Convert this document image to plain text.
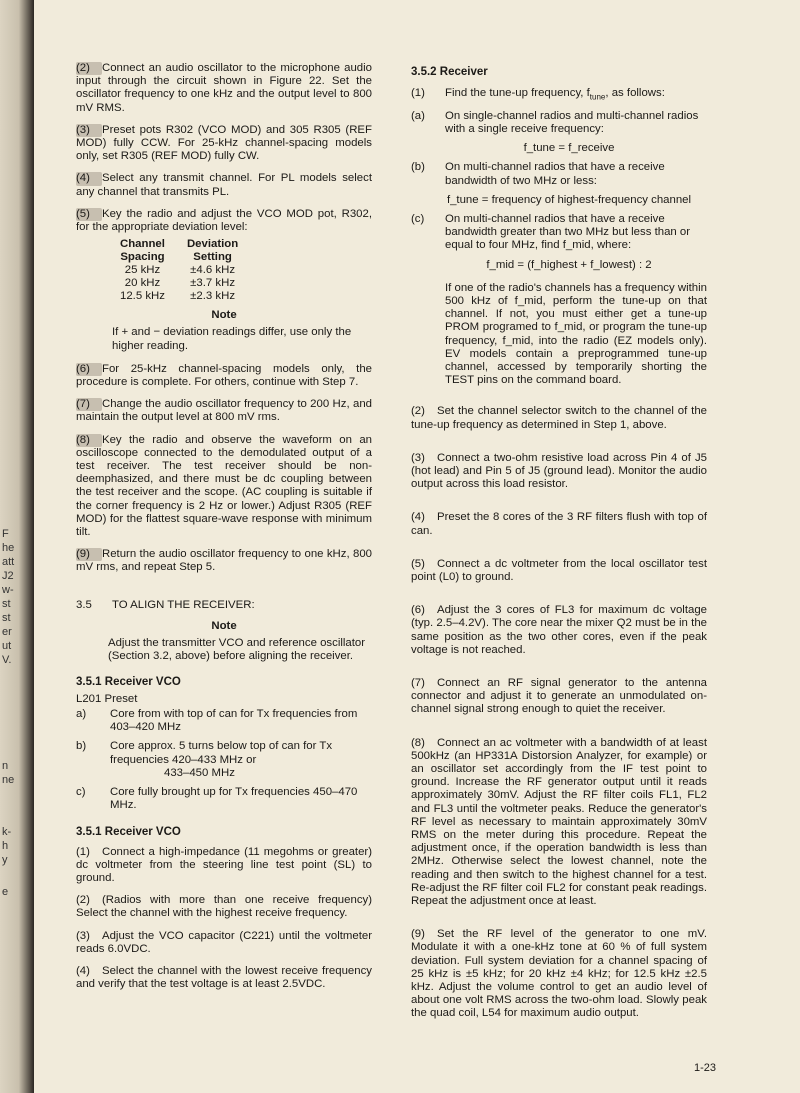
F
he
att
J2
w-
st
st
er
ut
V.
n
ne
k-
h
y
e

(2) Connect an audio oscillator to the microphone audio input through the circuit shown in Figure 22. Set the oscillator frequency to one kHz and the output level to 800 mV RMS.

(3) Preset pots R302 (VCO MOD) and 305 R305 (REF MOD) fully CCW. For 25-kHz channel-spacing models only, set R305 (REF MOD) fully CW.

(4) Select any transmit channel. For PL models select any channel that transmits PL.

(5) Key the radio and adjust the VCO MOD pot, R302, for the appropriate deviation level:

Channel	Deviation
Spacing	Setting
25 kHz	±4.6 kHz
20 kHz	±3.7 kHz
12.5 kHz	±2.3 kHz
Note

If + and − deviation readings differ, use only the higher reading.

(6) For 25-kHz channel-spacing models only, the procedure is complete. For others, continue with Step 7.

(7) Change the audio oscillator frequency to 200 Hz, and maintain the output level at 800 mV rms.

(8) Key the radio and observe the waveform on an oscilloscope connected to the demodulated output of a test receiver. The test receiver should be non-deemphasized, and there must be dc coupling between the test receiver and the scope. (AC coupling is suitable if the corner frequency is 2 Hz or lower.) Adjust R305 (REF MOD) for the flattest square-wave response with minimum tilt.

(9) Return the audio oscillator frequency to one kHz, 800 mV rms, and repeat Step 5.

3.5	TO ALIGN THE RECEIVER:
Note

Adjust the transmitter VCO and reference oscillator (Section 3.2, above) before aligning the receiver.

3.5.1 Receiver VCO

L201 Preset

a)	Core from with top of can for Tx frequencies from 403–420 MHz
b)	Core approx. 5 turns below top of can for Tx frequencies 420–433 MHz or

433–450 MHz

c)	Core fully brought up for Tx frequencies 450–470 MHz.
3.5.1 Receiver VCO

(1) Connect a high-impedance (11 megohms or greater) dc voltmeter from the steering line test point (SL) to ground.

(2) (Radios with more than one receive frequency) Select the channel with the highest receive frequency.

(3) Adjust the VCO capacitor (C221) until the voltmeter reads 6.0VDC.

(4) Select the channel with the lowest receive frequency and verify that the test voltage is at least 2.5VDC.

3.5.2 Receiver
(1)	Find the tune-up frequency, $f_{tune}$, as follows:
(a)	On single-channel radios and multi-channel radios with a single receive frequency:
f_tune = f_receive
(b)	On multi-channel radios that have a receive bandwidth of two MHz or less:
f_tune = frequency of highest-frequency channel
(c)	On multi-channel radios that have a receive bandwidth greater than two MHz but less than or equal to four MHz, find f_mid, where:
f_mid = (f_highest + f_lowest) : 2

If one of the radio's channels has a frequency within 500 kHz of f_mid, perform the tune-up on that channel. If not, you must either get a tune-up PROM programed to f_mid, or program the tune-up frequency, f_mid, into the radio (EZ models only). EV models contain a preprogrammed tune-up channel, accessed by temporarily shorting the TEST pins on the command board.

(2) Set the channel selector switch to the channel of the tune-up frequency as determined in Step 1, above.

(3) Connect a two-ohm resistive load across Pin 4 of J5 (hot lead) and Pin 5 of J5 (ground lead). Monitor the audio output across this load resistor.

(4) Preset the 8 cores of the 3 RF filters flush with top of can.

(5) Connect a dc voltmeter from the local oscillator test point (L0) to ground.

(6) Adjust the 3 cores of FL3 for maximum dc voltage (typ. 2.5–4.2V). The core near the mixer Q2 must be in the same position as the two other cores, even if the peak voltage is not reached.

(7) Connect an RF signal generator to the antenna connector and adjust it to generate an unmodulated on-channel signal strong enough to quiet the receiver.

(8) Connect an ac voltmeter with a bandwidth of at least 500kHz (an HP331A Distorsion Analyzer, for example) or an oscillator set accordingly from the IF test point to ground. Increase the RF generator output until it reads approximately 30mV. Adjust the RF filter coils FL1, FL2 and FL3 until the voltmeter peaks. Reduce the generator's RF level as necessary to maintain approximately 30mV RMS on the meter during this procedure. Repeat the adjustment once, if the operation bandwidth is less than 2MHz. Otherwise select the lowest channel, note the reading and then switch to the highest channel for a test. Re-adjust the RF filter coil FL2 for constant peak readings. Repeat the adjustment once at least.

(9) Set the RF level of the generator to one mV. Modulate it with a one-kHz tone at 60 % of full system deviation. Full system deviation for a channel spacing of 25 kHz is ±5 kHz; for 20 kHz ±4 kHz; for 12.5 kHz ±2.5 kHz. Adjust the volume control to get an audio level of about one volt RMS across the two-ohm load. Slowly peak the quad coil, L54 for maximum audio output.

1-23
